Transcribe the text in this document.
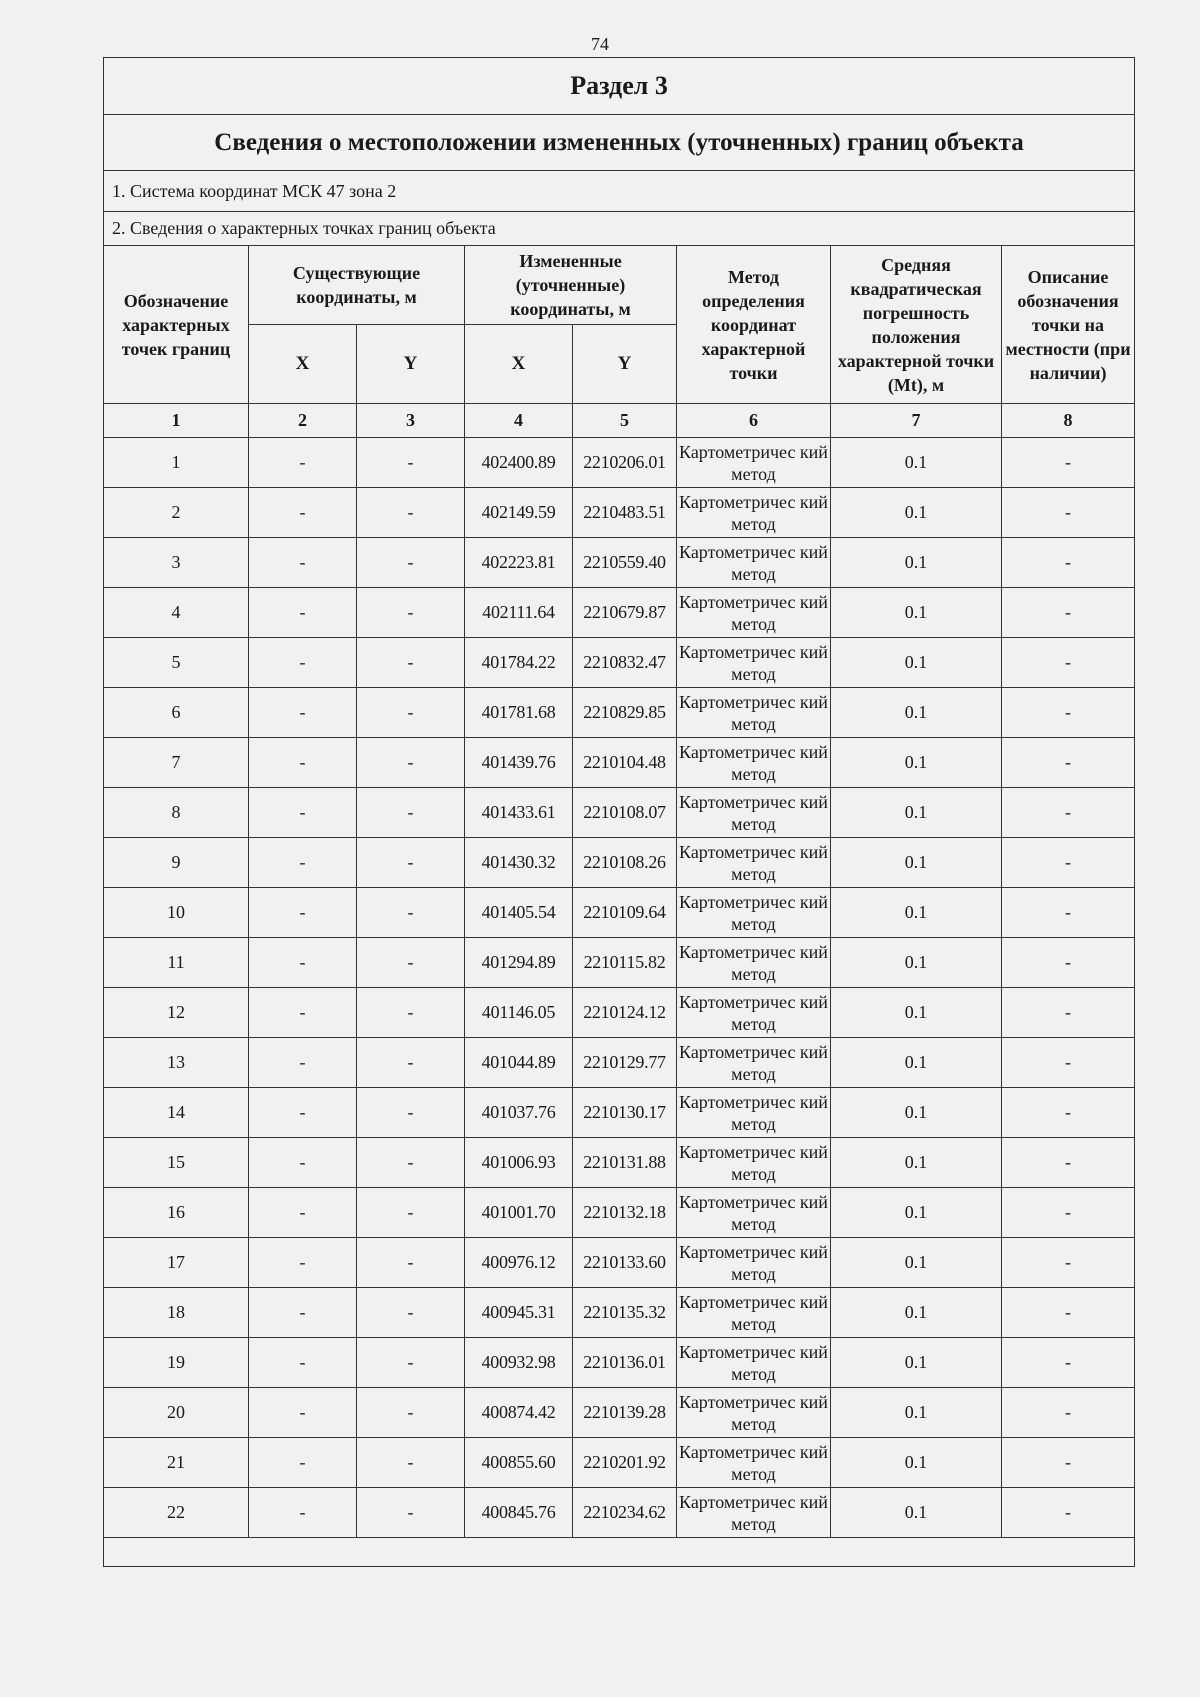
74
Раздел 3							
Сведения о местоположении измененных (уточненных) границ объекта							
1. Система координат МСК 47 зона 2							
2. Сведения о характерных точках границ объекта							
Обозначение характерных точек границ	Существующие координаты, м		Измененные (уточненные) координаты, м		Метод определения координат характерной точки	Средняя квадратическая погрешность положения характерной точки (Mt), м	Описание обозначения точки на местности (при наличии)
	X	Y	X	Y			
1	2	3	4	5	6	7	8
1	-	-	402400.89	2210206.01	Картометричес кий метод	0.1	-
2	-	-	402149.59	2210483.51	Картометричес кий метод	0.1	-
3	-	-	402223.81	2210559.40	Картометричес кий метод	0.1	-
4	-	-	402111.64	2210679.87	Картометричес кий метод	0.1	-
5	-	-	401784.22	2210832.47	Картометричес кий метод	0.1	-
6	-	-	401781.68	2210829.85	Картометричес кий метод	0.1	-
7	-	-	401439.76	2210104.48	Картометричес кий метод	0.1	-
8	-	-	401433.61	2210108.07	Картометричес кий метод	0.1	-
9	-	-	401430.32	2210108.26	Картометричес кий метод	0.1	-
10	-	-	401405.54	2210109.64	Картометричес кий метод	0.1	-
11	-	-	401294.89	2210115.82	Картометричес кий метод	0.1	-
12	-	-	401146.05	2210124.12	Картометричес кий метод	0.1	-
13	-	-	401044.89	2210129.77	Картометричес кий метод	0.1	-
14	-	-	401037.76	2210130.17	Картометричес кий метод	0.1	-
15	-	-	401006.93	2210131.88	Картометричес кий метод	0.1	-
16	-	-	401001.70	2210132.18	Картометричес кий метод	0.1	-
17	-	-	400976.12	2210133.60	Картометричес кий метод	0.1	-
18	-	-	400945.31	2210135.32	Картометричес кий метод	0.1	-
19	-	-	400932.98	2210136.01	Картометричес кий метод	0.1	-
20	-	-	400874.42	2210139.28	Картометричес кий метод	0.1	-
21	-	-	400855.60	2210201.92	Картометричес кий метод	0.1	-
22	-	-	400845.76	2210234.62	Картометричес кий метод	0.1	-
